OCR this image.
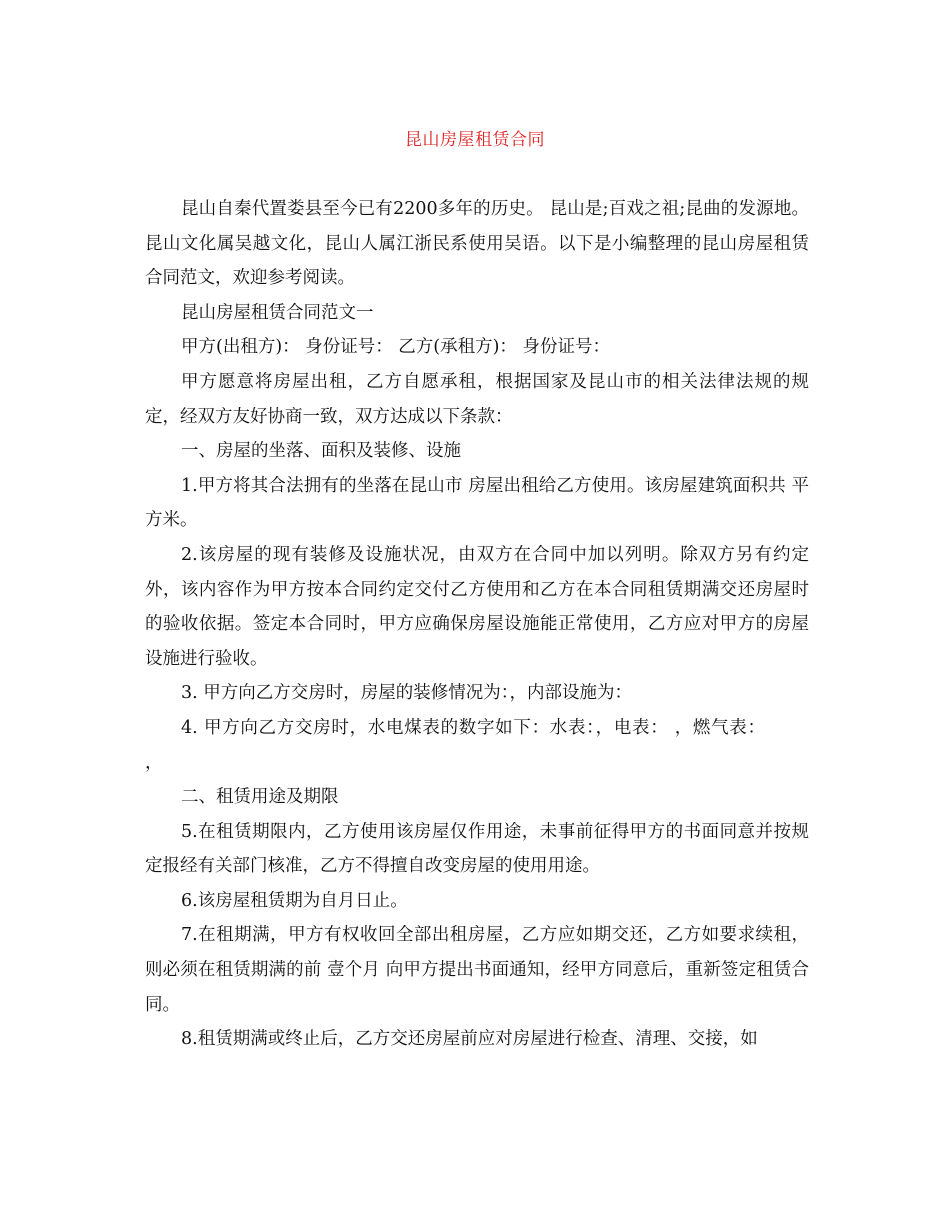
昆山房屋租赁合同

昆山自秦代置娄县至今已有2200多年的历史。 昆山是;百戏之祖;昆曲的发源地。昆山文化属吴越文化，昆山人属江浙民系使用吴语。以下是小编整理的昆山房屋租赁合同范文，欢迎参考阅读。

昆山房屋租赁合同范文一

甲方(出租方)： 身份证号： 乙方(承租方)： 身份证号：

甲方愿意将房屋出租，乙方自愿承租，根据国家及昆山市的相关法律法规的规定，经双方友好协商一致，双方达成以下条款：

一、房屋的坐落、面积及装修、设施

1.甲方将其合法拥有的坐落在昆山市 房屋出租给乙方使用。该房屋建筑面积共 平方米。

2.该房屋的现有装修及设施状况，由双方在合同中加以列明。除双方另有约定外，该内容作为甲方按本合同约定交付乙方使用和乙方在本合同租赁期满交还房屋时的验收依据。签定本合同时，甲方应确保房屋设施能正常使用，乙方应对甲方的房屋设施进行验收。

3. 甲方向乙方交房时，房屋的装修情况为：，内部设施为：

4. 甲方向乙方交房时，水电煤表的数字如下：水表：，电表： ，燃气表： ，

二、租赁用途及期限

5.在租赁期限内，乙方使用该房屋仅作用途，未事前征得甲方的书面同意并按规定报经有关部门核准，乙方不得擅自改变房屋的使用用途。

6.该房屋租赁期为自月日止。

7.在租期满，甲方有权收回全部出租房屋，乙方应如期交还，乙方如要求续租，则必须在租赁期满的前 壹个月 向甲方提出书面通知，经甲方同意后，重新签定租赁合同。

8.租赁期满或终止后，乙方交还房屋前应对房屋进行检查、清理、交接，如
